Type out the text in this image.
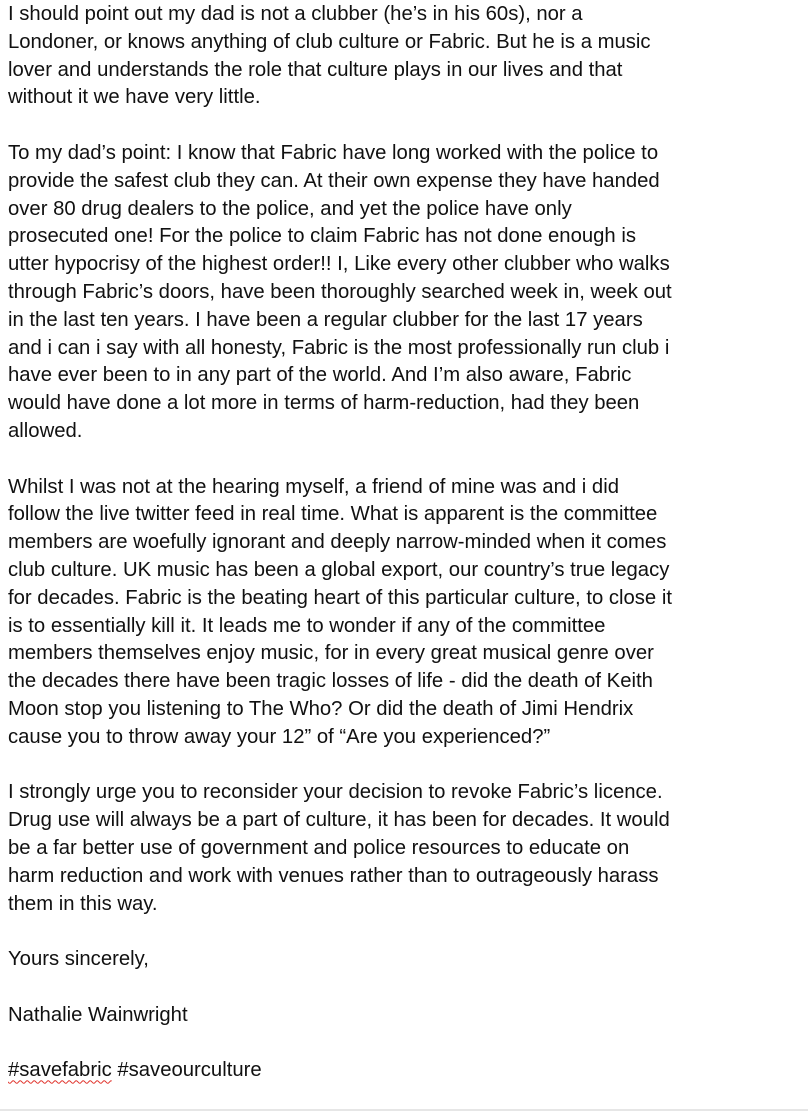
I should point out my dad is not a clubber (he’s in his 60s), nor a
Londoner, or knows anything of club culture or Fabric. But he is a music
lover and understands the role that culture plays in our lives and that
without it we have very little.

To my dad’s point: I know that Fabric have long worked with the police to
provide the safest club they can. At their own expense they have handed
over 80 drug dealers to the police, and yet the police have only
prosecuted one! For the police to claim Fabric has not done enough is
utter hypocrisy of the highest order!! I, Like every other clubber who walks
through Fabric’s doors, have been thoroughly searched week in, week out
in the last ten years. I have been a regular clubber for the last 17 years
and i can i say with all honesty, Fabric is the most professionally run club i
have ever been to in any part of the world. And I’m also aware, Fabric
would have done a lot more in terms of harm-reduction, had they been
allowed.

Whilst I was not at the hearing myself, a friend of mine was and i did
follow the live twitter feed in real time. What is apparent is the committee
members are woefully ignorant and deeply narrow-minded when it comes
club culture. UK music has been a global export, our country’s true legacy
for decades. Fabric is the beating heart of this particular culture, to close it
is to essentially kill it. It leads me to wonder if any of the committee
members themselves enjoy music, for in every great musical genre over
the decades there have been tragic losses of life - did the death of Keith
Moon stop you listening to The Who? Or did the death of Jimi Hendrix
cause you to throw away your 12” of “Are you experienced?”

I strongly urge you to reconsider your decision to revoke Fabric’s licence.
Drug use will always be a part of culture, it has been for decades. It would
be a far better use of government and police resources to educate on
harm reduction and work with venues rather than to outrageously harass
them in this way.

Yours sincerely,

Nathalie Wainwright

#savefabric #saveourculture
